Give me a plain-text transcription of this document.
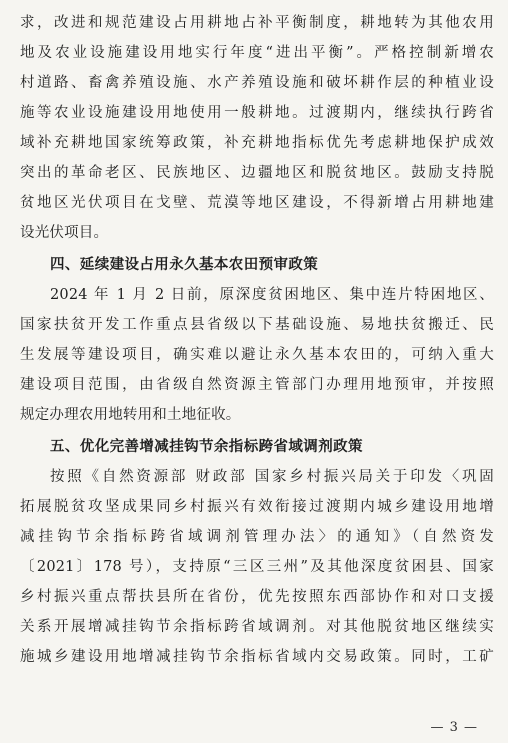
求，改进和规范建设占用耕地占补平衡制度，耕地转为其他农用

地及农业设施建设用地实行年度“进出平衡”。严格控制新增农

村道路、畜禽养殖设施、水产养殖设施和破坏耕作层的种植业设

施等农业设施建设用地使用一般耕地。过渡期内，继续执行跨省

域补充耕地国家统筹政策，补充耕地指标优先考虑耕地保护成效

突出的革命老区、民族地区、边疆地区和脱贫地区。鼓励支持脱

贫地区光伏项目在戈壁、荒漠等地区建设，不得新增占用耕地建

设光伏项目。

四、延续建设占用永久基本农田预审政策

2024 年 1 月 2 日前，原深度贫困地区、集中连片特困地区、

国家扶贫开发工作重点县省级以下基础设施、易地扶贫搬迁、民

生发展等建设项目，确实难以避让永久基本农田的，可纳入重大

建设项目范围，由省级自然资源主管部门办理用地预审，并按照

规定办理农用地转用和土地征收。

五、优化完善增减挂钩节余指标跨省域调剂政策

按照《自然资源部 财政部 国家乡村振兴局关于印发〈巩固

拓展脱贫攻坚成果同乡村振兴有效衔接过渡期内城乡建设用地增

减挂钩节余指标跨省域调剂管理办法〉的通知》（自然资发

〔2021〕178 号），支持原“三区三州”及其他深度贫困县、国家

乡村振兴重点帮扶县所在省份，优先按照东西部协作和对口支援

关系开展增减挂钩节余指标跨省域调剂。对其他脱贫地区继续实

施城乡建设用地增减挂钩节余指标省域内交易政策。同时，工矿

— 3 —
